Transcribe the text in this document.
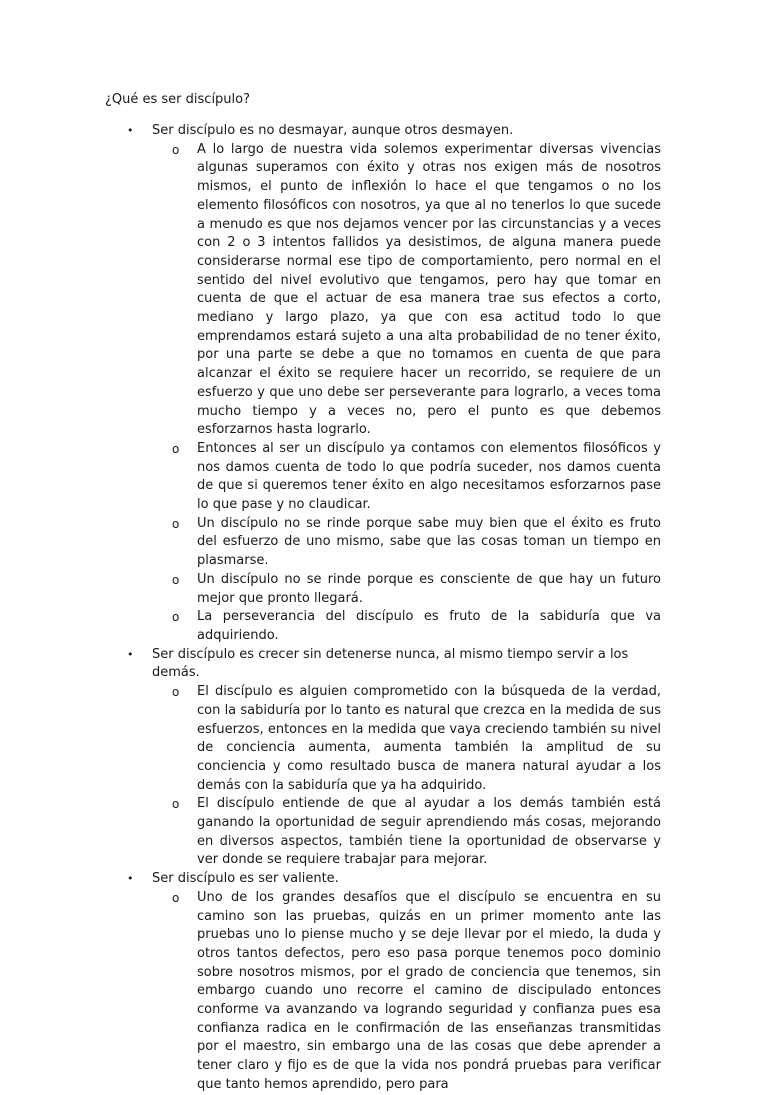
¿Qué es ser discípulo?
• Ser discípulo es no desmayar, aunque otros desmayen.
o A lo largo de nuestra vida solemos experimentar diversas vivencias algunas superamos con éxito y otras nos exigen más de nosotros mismos, el punto de inflexión lo hace el que tengamos o no los elemento filosóficos con nosotros, ya que al no tenerlos lo que sucede a menudo es que nos dejamos vencer por las circunstancias y a veces con 2 o 3 intentos fallidos ya desistimos, de alguna manera puede considerarse normal ese tipo de comportamiento, pero normal en el sentido del nivel evolutivo que tengamos, pero hay que tomar en cuenta de que el actuar de esa manera trae sus efectos a corto, mediano y largo plazo, ya que con esa actitud todo lo que emprendamos estará sujeto a una alta probabilidad de no tener éxito, por una parte se debe a que no tomamos en cuenta de que para alcanzar el éxito se requiere hacer un recorrido, se requiere de un esfuerzo y que uno debe ser perseverante para lograrlo, a veces toma mucho tiempo y a veces no, pero el punto es que debemos esforzarnos hasta lograrlo.
o Entonces al ser un discípulo ya contamos con elementos filosóficos y nos damos cuenta de todo lo que podría suceder, nos damos cuenta de que si queremos tener éxito en algo necesitamos esforzarnos pase lo que pase y no claudicar.
o Un discípulo no se rinde porque sabe muy bien que el éxito es fruto del esfuerzo de uno mismo, sabe que las cosas toman un tiempo en plasmarse.
o Un discípulo no se rinde porque es consciente de que hay un futuro mejor que pronto llegará.
o La perseverancia del discípulo es fruto de la sabiduría que va adquiriendo.
• Ser discípulo es crecer sin detenerse nunca, al mismo tiempo servir a los demás.
o El discípulo es alguien comprometido con la búsqueda de la verdad, con la sabiduría por lo tanto es natural que crezca en la medida de sus esfuerzos, entonces en la medida que vaya creciendo también su nivel de conciencia aumenta, aumenta también la amplitud de su conciencia y como resultado busca de manera natural ayudar a los demás con la sabiduría que ya ha adquirido.
o El discípulo entiende de que al ayudar a los demás también está ganando la oportunidad de seguir aprendiendo más cosas, mejorando en diversos aspectos, también tiene la oportunidad de observarse y ver donde se requiere trabajar para mejorar.
• Ser discípulo es ser valiente.
o Uno de los grandes desafíos que el discípulo se encuentra en su camino son las pruebas, quizás en un primer momento ante las pruebas uno lo piense mucho y se deje llevar por el miedo, la duda y otros tantos defectos, pero eso pasa porque tenemos poco dominio sobre nosotros mismos, por el grado de conciencia que tenemos, sin embargo cuando uno recorre el camino de discipulado entonces conforme va avanzando va logrando seguridad y confianza pues esa confianza radica en le confirmación de las enseñanzas transmitidas por el maestro, sin embargo una de las cosas que debe aprender a tener claro y fijo es de que la vida nos pondrá pruebas para verificar que tanto hemos aprendido, pero para
